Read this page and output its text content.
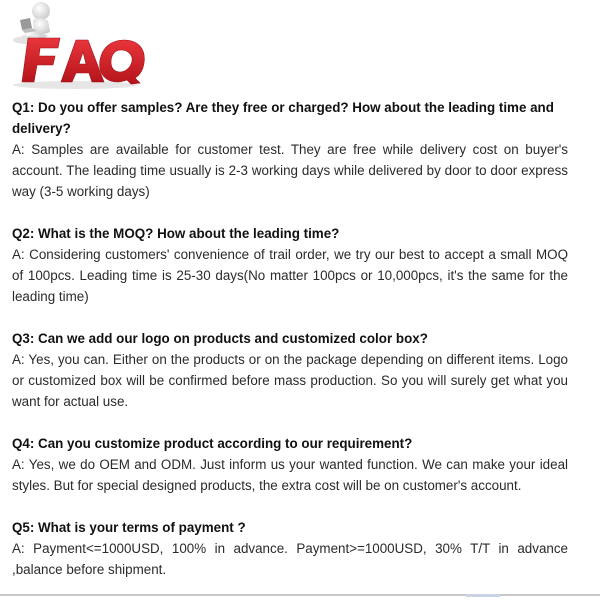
Q1: Do you offer samples? Are they free or charged? How about the leading time and delivery?

A: Samples are available for customer test. They are free while delivery cost on buyer's account. The leading time usually is 2-3 working days while delivered by door to door express way (3-5 working days)

Q2: What is the MOQ? How about the leading time?

A: Considering customers' convenience of trail order, we try our best to accept a small MOQ of 100pcs. Leading time is 25-30 days(No matter 100pcs or 10,000pcs, it's the same for the leading time)

Q3: Can we add our logo on products and customized color box?

A: Yes, you can. Either on the products or on the package depending on different items. Logo or customized box will be confirmed before mass production. So you will surely get what you want for actual use.

Q4: Can you customize product according to our requirement?

A: Yes, we do OEM and ODM. Just inform us your wanted function. We can make your ideal styles. But for special designed products, the extra cost will be on customer's account.

Q5: What is your terms of payment ?

A: Payment<=1000USD, 100% in advance. Payment>=1000USD, 30% T/T in advance ,balance before shipment.
